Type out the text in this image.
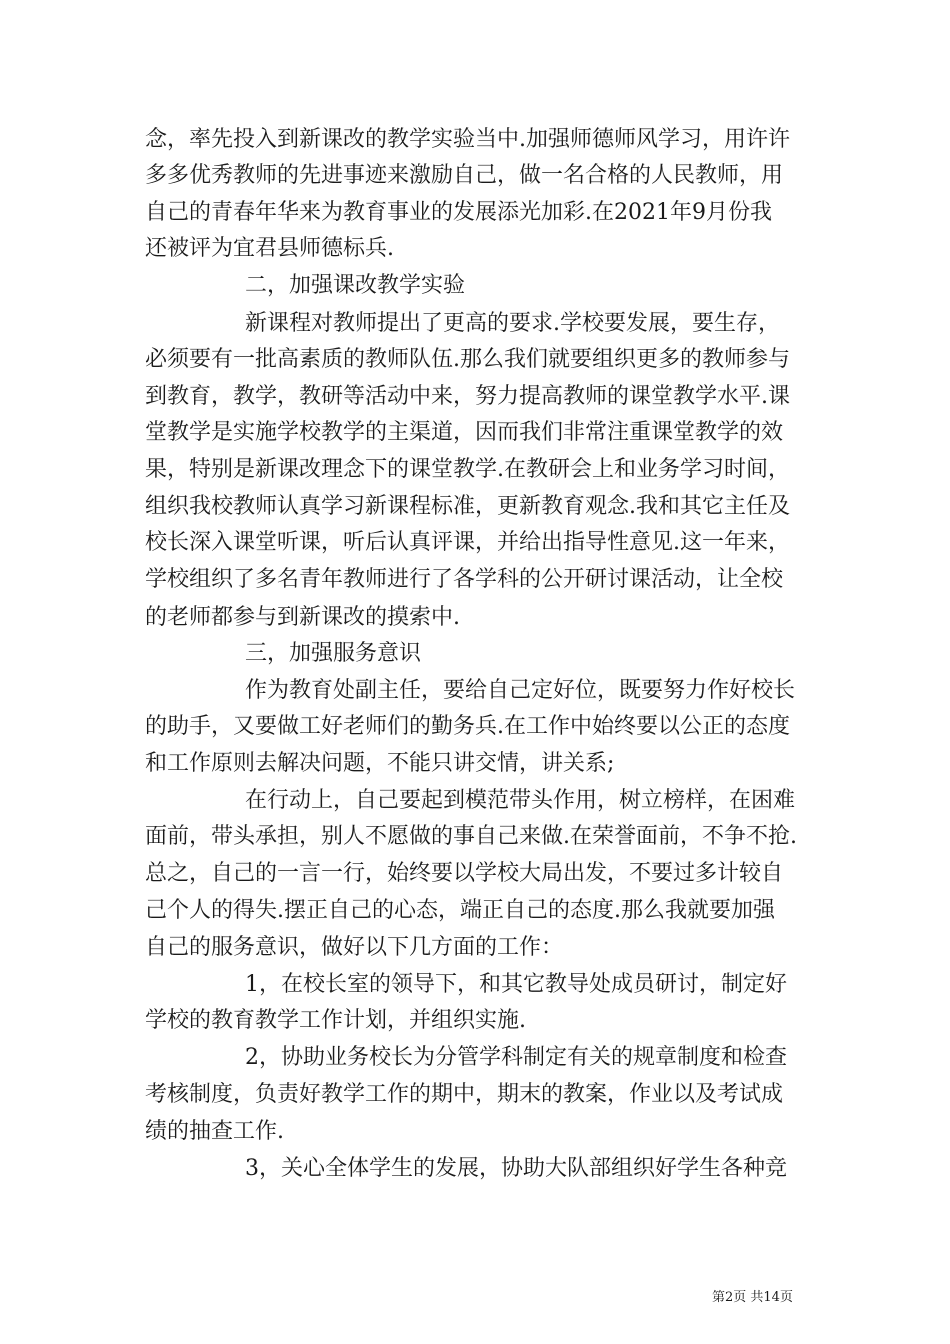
念，率先投入到新课改的教学实验当中.加强师德师风学习，用许许
多多优秀教师的先进事迹来激励自己，做一名合格的人民教师，用
自己的青春年华来为教育事业的发展添光加彩.在2021年9月份我
还被评为宜君县师德标兵.
二，加强课改教学实验
新课程对教师提出了更高的要求.学校要发展，要生存，
必须要有一批高素质的教师队伍.那么我们就要组织更多的教师参与
到教育，教学，教研等活动中来，努力提高教师的课堂教学水平.课
堂教学是实施学校教学的主渠道，因而我们非常注重课堂教学的效
果，特别是新课改理念下的课堂教学.在教研会上和业务学习时间，
组织我校教师认真学习新课程标准，更新教育观念.我和其它主任及
校长深入课堂听课，听后认真评课，并给出指导性意见.这一年来，
学校组织了多名青年教师进行了各学科的公开研讨课活动，让全校
的老师都参与到新课改的摸索中.
三，加强服务意识
作为教育处副主任，要给自己定好位，既要努力作好校长
的助手，又要做工好老师们的勤务兵.在工作中始终要以公正的态度
和工作原则去解决问题，不能只讲交情，讲关系;
在行动上，自己要起到模范带头作用，树立榜样，在困难
面前，带头承担，别人不愿做的事自己来做.在荣誉面前，不争不抢.
总之，自己的一言一行，始终要以学校大局出发，不要过多计较自
己个人的得失.摆正自己的心态，端正自己的态度.那么我就要加强
自己的服务意识，做好以下几方面的工作：
1，在校长室的领导下，和其它教导处成员研讨，制定好
学校的教育教学工作计划，并组织实施.
2，协助业务校长为分管学科制定有关的规章制度和检查
考核制度，负责好教学工作的期中，期末的教案，作业以及考试成
绩的抽查工作.
3，关心全体学生的发展，协助大队部组织好学生各种竞
第2页 共14页
